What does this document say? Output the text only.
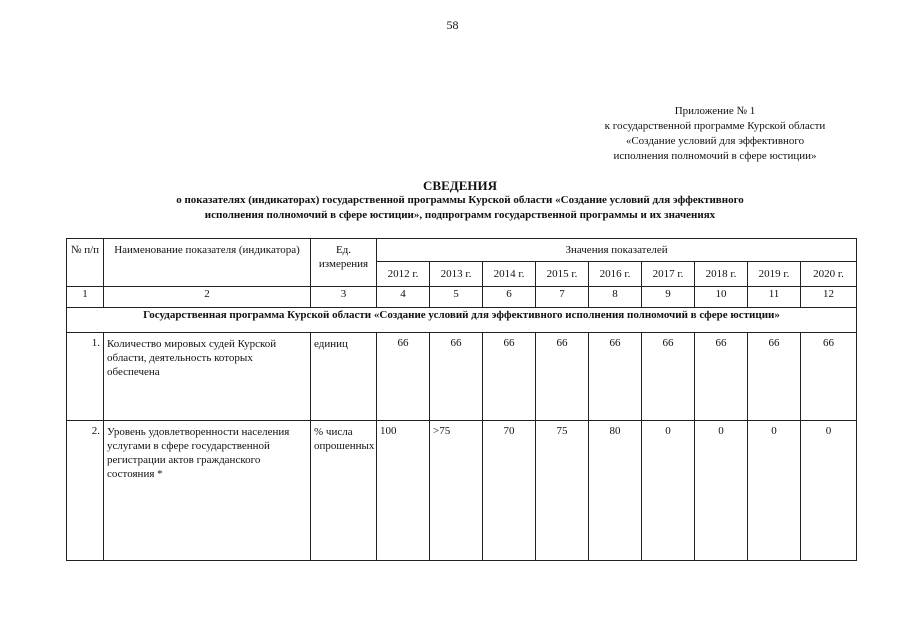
58
Приложение № 1
к государственной программе Курской области
«Создание условий для эффективного
исполнения полномочий в сфере юстиции»
СВЕДЕНИЯ
о показателях (индикаторах) государственной программы Курской области «Создание условий для эффективного
исполнения полномочий в сфере юстиции», подпрограмм государственной программы и их значениях
№ п/п	Наименование показателя (индикатора)	Ед. измерения	Значения показателей								
			2012 г.	2013 г.	2014 г.	2015 г.	2016 г.	2017 г.	2018 г.	2019 г.	2020 г.
1	2	3	4	5	6	7	8	9	10	11	12
Государственная программа Курской области «Создание условий для эффективного исполнения полномочий в сфере юстиции»											
1.	Количество мировых судей Курской области, деятельность которых обеспечена	единиц	66	66	66	66	66	66	66	66	66
2.	Уровень удовлетворенности населения услугами в сфере государственной регистрации актов гражданского состояния *	% числа опрошенных	100	>75	70	75	80	0	0	0	0
